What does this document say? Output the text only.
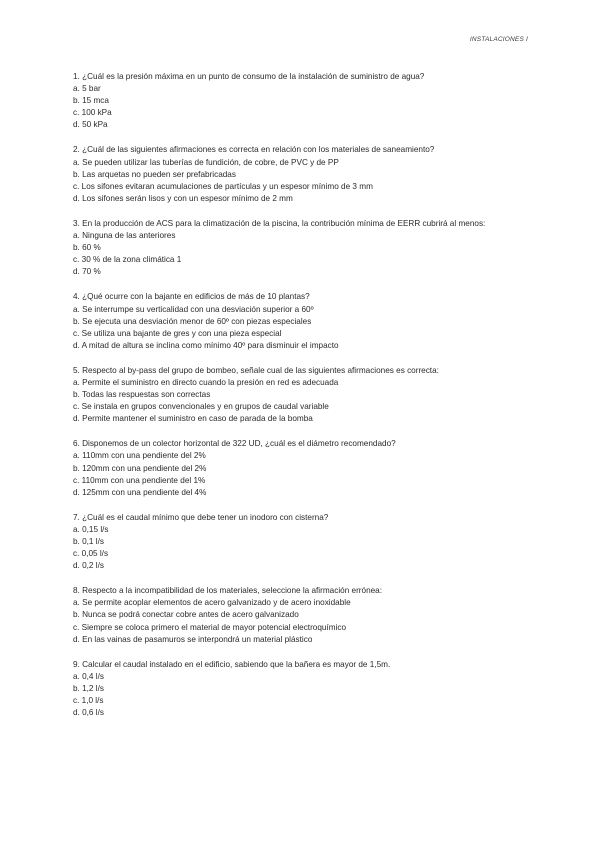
INSTALACIONES I

1. ¿Cuál es la presión máxima en un punto de consumo de la instalación de suministro de agua?

a. 5 bar

b. 15 mca

c. 100 kPa

d. 50 kPa

2. ¿Cuál de las siguientes afirmaciones es correcta en relación con los materiales de saneamiento?

a. Se pueden utilizar las tuberías de fundición, de cobre, de PVC y de PP

b. Las arquetas no pueden ser prefabricadas

c. Los sifones evitaran acumulaciones de partículas y un espesor mínimo de 3 mm

d. Los sifones serán lisos y con un espesor mínimo de 2 mm

3. En la producción de ACS para la climatización de la piscina, la contribución mínima de EERR cubrirá al menos:

a. Ninguna de las anteriores

b. 60 %

c. 30 % de la zona climática 1

d. 70 %

4. ¿Qué ocurre con la bajante en edificios de más de 10 plantas?

a. Se interrumpe su verticalidad con una desviación superior a 60º

b. Se ejecuta una desviación menor de 60º con piezas especiales

c. Se utiliza una bajante de gres y con una pieza especial

d. A mitad de altura se inclina como mínimo 40º para disminuir el impacto

5. Respecto al by-pass del grupo de bombeo, señale cual de las siguientes afirmaciones es correcta:

a. Permite el suministro en directo cuando la presión en red es adecuada

b. Todas las respuestas son correctas

c. Se instala en grupos convencionales y en grupos de caudal variable

d. Permite mantener el suministro en caso de parada de la bomba

6. Disponemos de un colector horizontal de 322 UD, ¿cuál es el diámetro recomendado?

a. 110mm con una pendiente del 2%

b. 120mm con una pendiente del 2%

c. 110mm con una pendiente del 1%

d. 125mm con una pendiente del 4%

7. ¿Cuál es el caudal mínimo que debe tener un inodoro con cisterna?

a. 0,15 l/s

b. 0,1 l/s

c. 0,05 l/s

d. 0,2 l/s

8. Respecto a la incompatibilidad de los materiales, seleccione la afirmación errónea:

a. Se permite acoplar elementos de acero galvanizado y de acero inoxidable

b. Nunca se podrá conectar cobre antes de acero galvanizado

c. Siempre se coloca primero el material de mayor potencial electroquímico

d. En las vainas de pasamuros se interpondrá un material plástico

9. Calcular el caudal instalado en el edificio, sabiendo que la bañera es mayor de 1,5m.

a. 0,4 l/s

b. 1,2 l/s

c. 1,0 l/s

d. 0,6 l/s
